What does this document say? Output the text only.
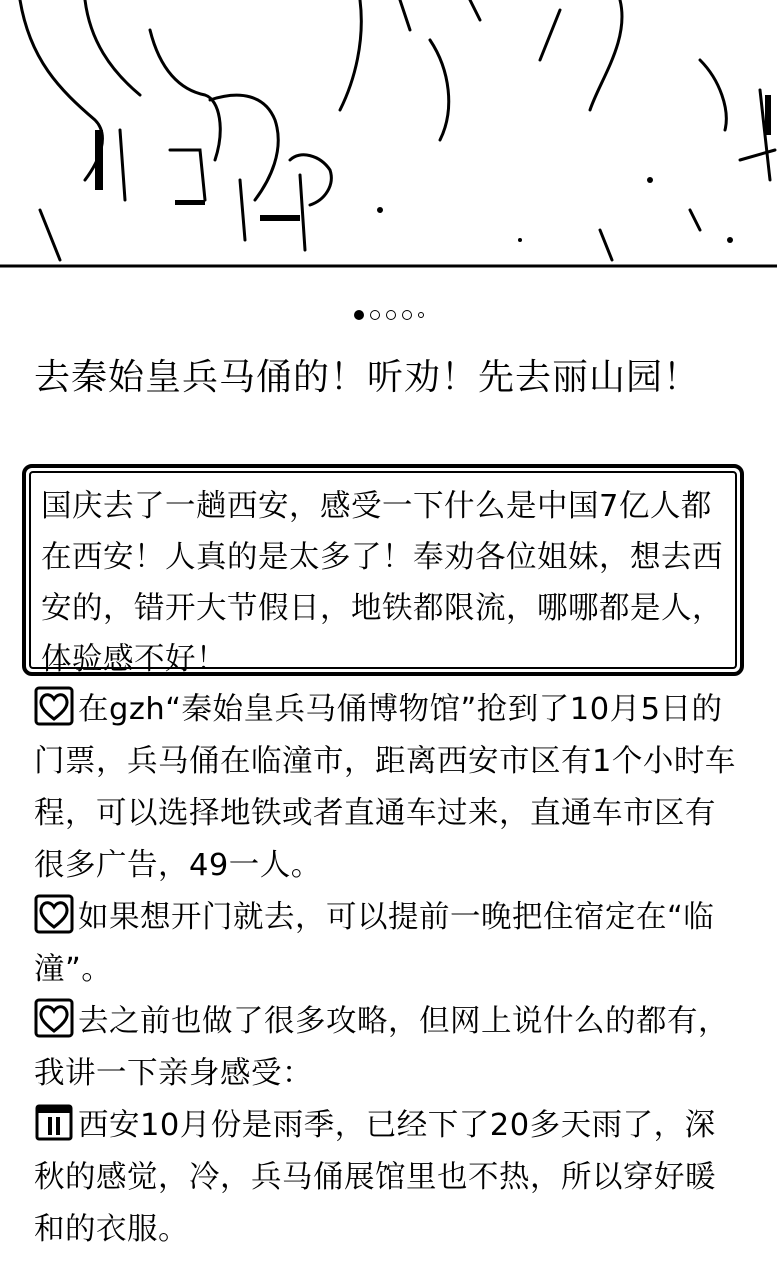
去秦始皇兵马俑的！听劝！先去丽山园！
国庆去了一趟西安，感受一下什么是中国7亿人都在西安！人真的是太多了！奉劝各位姐妹，想去西安的，错开大节假日，地铁都限流，哪哪都是人，体验感不好！

在gzh“秦始皇兵马俑博物馆”抢到了10月5日的门票，兵马俑在临潼市，距离西安市区有1个小时车程，可以选择地铁或者直通车过来，直通车市区有很多广告，49一人。

如果想开门就去，可以提前一晚把住宿定在“临潼”。

去之前也做了很多攻略，但网上说什么的都有，我讲一下亲身感受：

西安10月份是雨季，已经下了20多天雨了，深秋的感觉，冷，兵马俑展馆里也不热，所以穿好暖和的衣服。
